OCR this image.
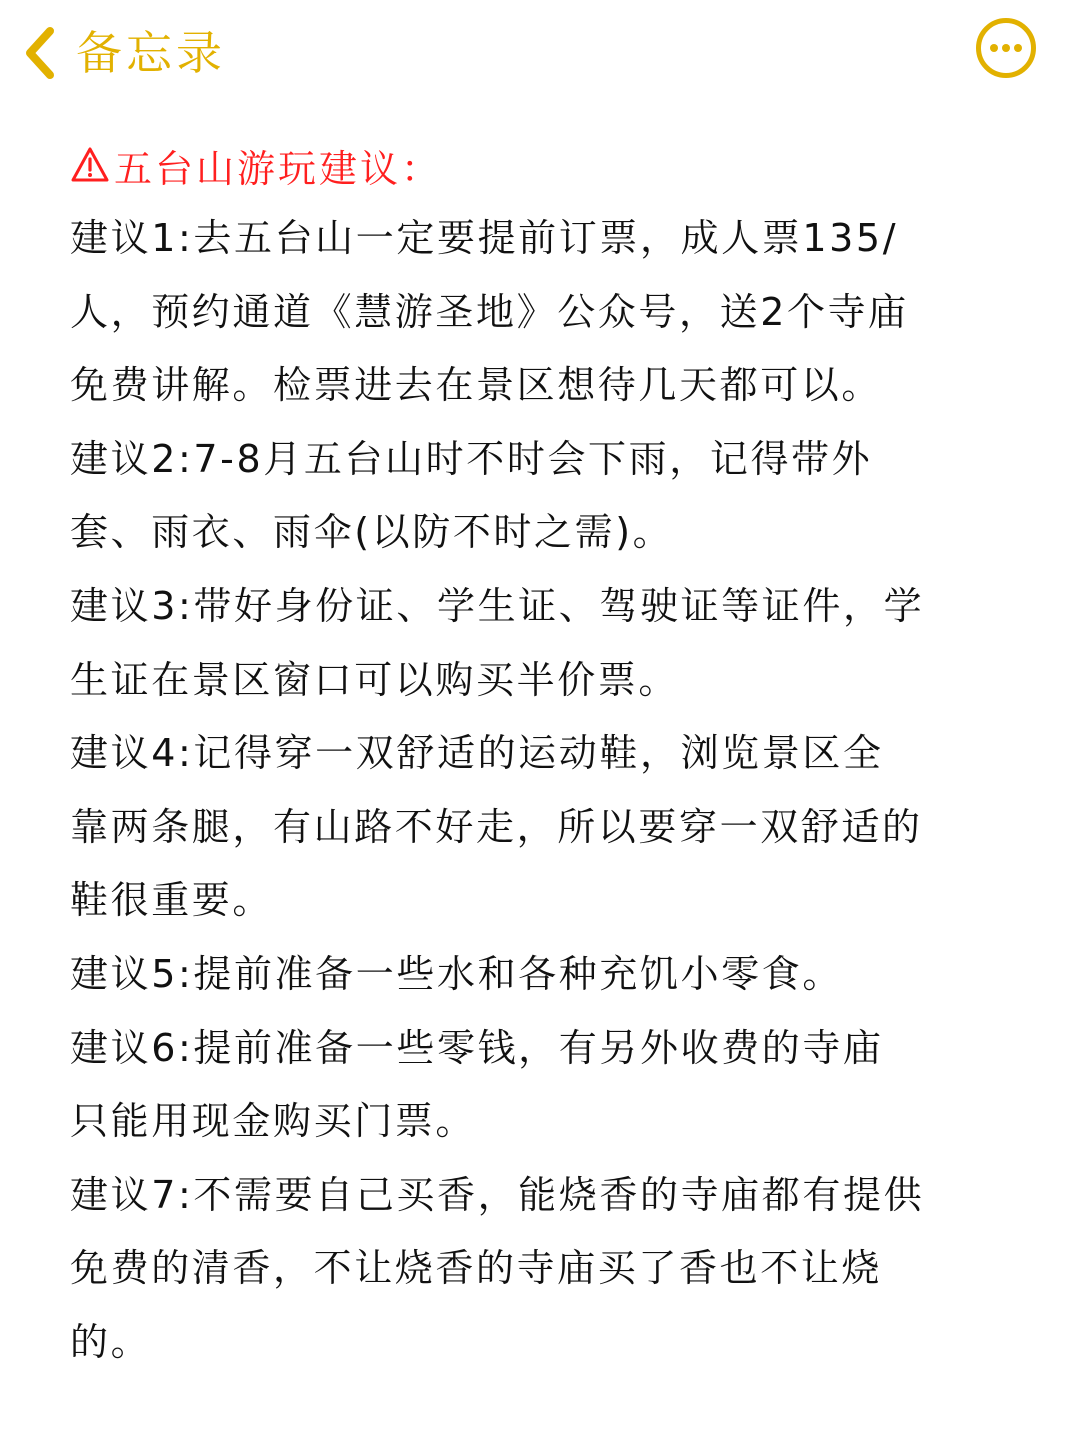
备忘录
五台山游玩建议：
建议1:去五台山一定要提前订票，成人票135/
人，预约通道《慧游圣地》公众号，送2个寺庙
免费讲解。检票进去在景区想待几天都可以。
建议2:7-8月五台山时不时会下雨，记得带外
套、雨衣、雨伞(以防不时之需)。
建议3:带好身份证、学生证、驾驶证等证件，学
生证在景区窗口可以购买半价票。
建议4:记得穿一双舒适的运动鞋，浏览景区全
靠两条腿，有山路不好走，所以要穿一双舒适的
鞋很重要。
建议5:提前准备一些水和各种充饥小零食。
建议6:提前准备一些零钱，有另外收费的寺庙
只能用现金购买门票。
建议7:不需要自己买香，能烧香的寺庙都有提供
免费的清香，不让烧香的寺庙买了香也不让烧
的。
